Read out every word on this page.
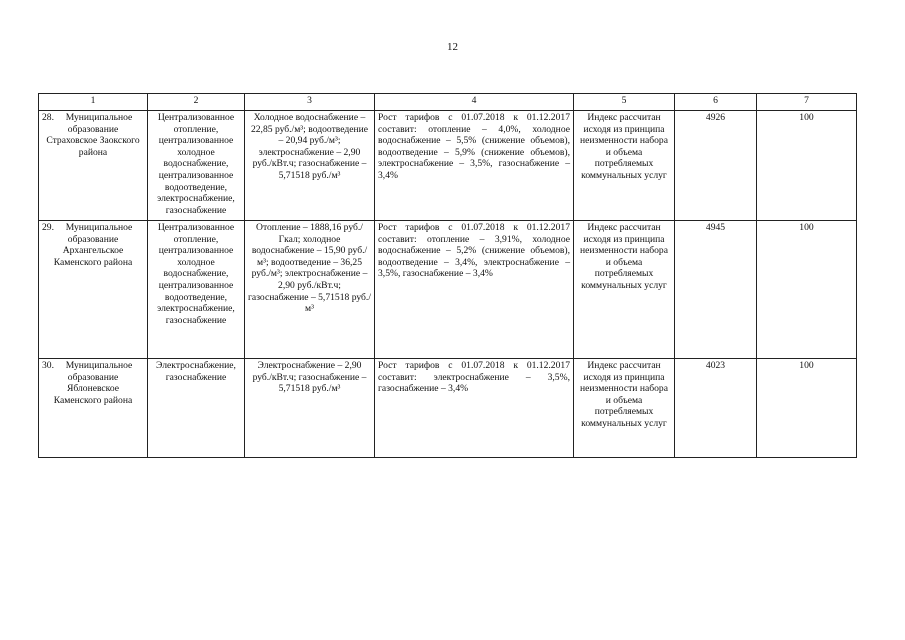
12
1	2	3	4	5	6	7

28. Муниципальное образование Страховское Заокского района	Централизованное отопление, централизованное холодное водоснабжение, централизованное водоотведение, электроснабжение, газоснабжение	Холодное водоснабжение – 22,85 руб./м³; водоотведение – 20,94 руб./м³; электроснабжение – 2,90 руб./кВт.ч; газоснабжение – 5,71518 руб./м³	Рост тарифов с 01.07.2018 к 01.12.2017 составит: отопление – 4,0%, холодное водоснабжение – 5,5% (снижение объемов), водоотведение – 5,9% (снижение объемов), электроснабжение – 3,5%, газоснабжение – 3,4%	Индекс рассчитан исходя из принципа неизменности набора и объема потребляемых коммунальных услуг	4926	100

29. Муниципальное образование Архангельское Каменского района	Централизованное отопление, централизованное холодное водоснабжение, централизованное водоотведение, электроснабжение, газоснабжение	Отопление – 1888,16 руб./Гкал; холодное водоснабжение – 15,90 руб./м³; водоотведение – 36,25 руб./м³; электроснабжение – 2,90 руб./кВт.ч; газоснабжение – 5,71518 руб./м³	Рост тарифов с 01.07.2018 к 01.12.2017 составит: отопление – 3,91%, холодное водоснабжение – 5,2% (снижение объемов), водоотведение – 3,4%, электроснабжение – 3,5%, газоснабжение – 3,4%	Индекс рассчитан исходя из принципа неизменности набора и объема потребляемых коммунальных услуг	4945	100

30. Муниципальное образование Яблоневское Каменского района	Электроснабжение, газоснабжение	Электроснабжение – 2,90 руб./кВт.ч; газоснабжение – 5,71518 руб./м³	Рост тарифов с 01.07.2018 к 01.12.2017 составит: электроснабжение – 3,5%, газоснабжение – 3,4%	Индекс рассчитан исходя из принципа неизменности набора и объема потребляемых коммунальных услуг	4023	100
